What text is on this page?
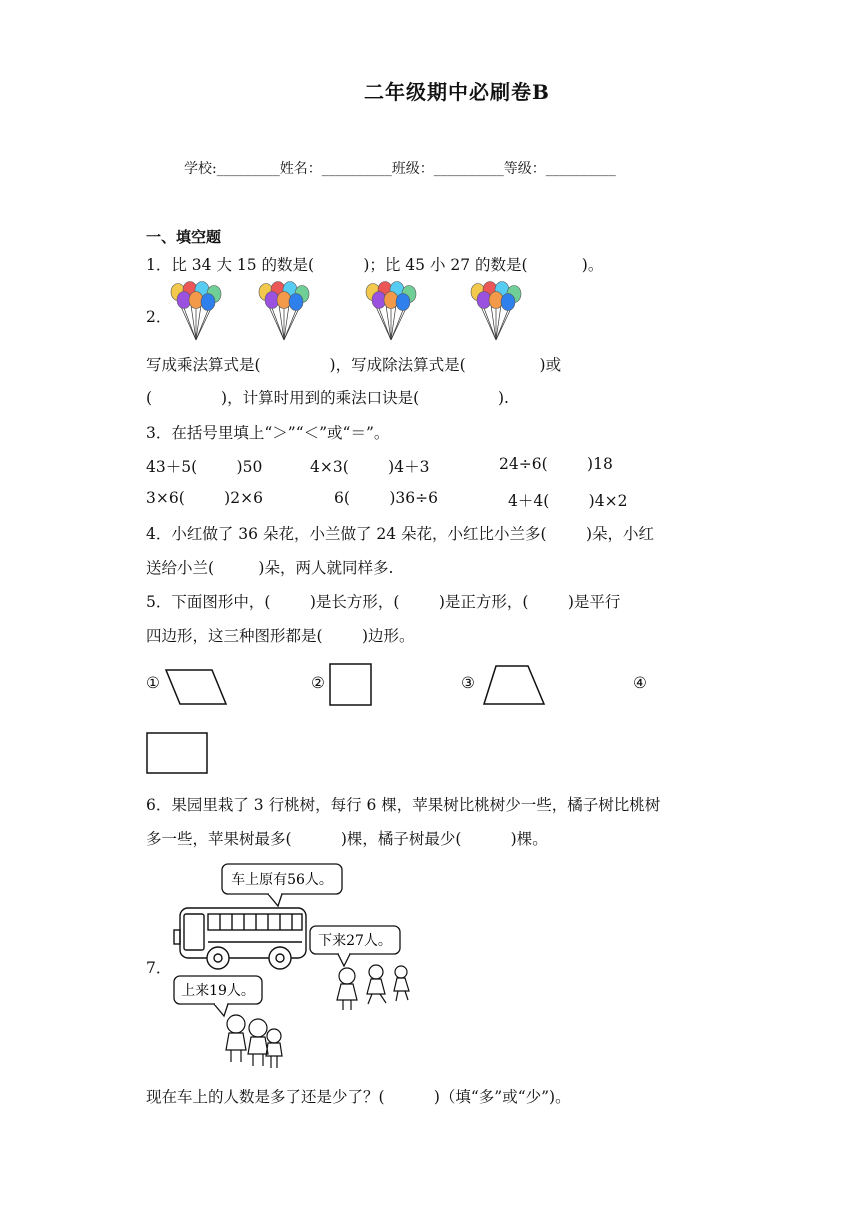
二年级期中必刷卷B
学校:_________姓名：__________班级：__________等级：__________
一、填空题
1．比 34 大 15 的数是(          )；比 45 小 27 的数是(           )。
2．
写成乘法算式是(              )，写成除法算式是(               )或
(              )，计算时用到的乘法口诀是(                ).
3．在括号里填上“＞”“＜”或“＝”。
43＋5(        )50	4×3(        )4＋3	24÷6(        )18
3×6(        )2×6	6(        )36÷6	4＋4(        )4×2
4．小红做了 36 朵花，小兰做了 24 朵花，小红比小兰多(        )朵，小红
送给小兰(         )朵，两人就同样多.
5．下面图形中，(        )是长方形，(        )是正方形，(        )是平行
四边形，这三种图形都是(        )边形。
①	②	③	④
6．果园里栽了 3 行桃树，每行 6 棵，苹果树比桃树少一些，橘子树比桃树
多一些，苹果树最多(          )棵，橘子树最少(          )棵。
7．
车上原有56人。
下来27人。
上来19人。
现在车上的人数是多了还是少了？(          )（填“多”或“少”)。
